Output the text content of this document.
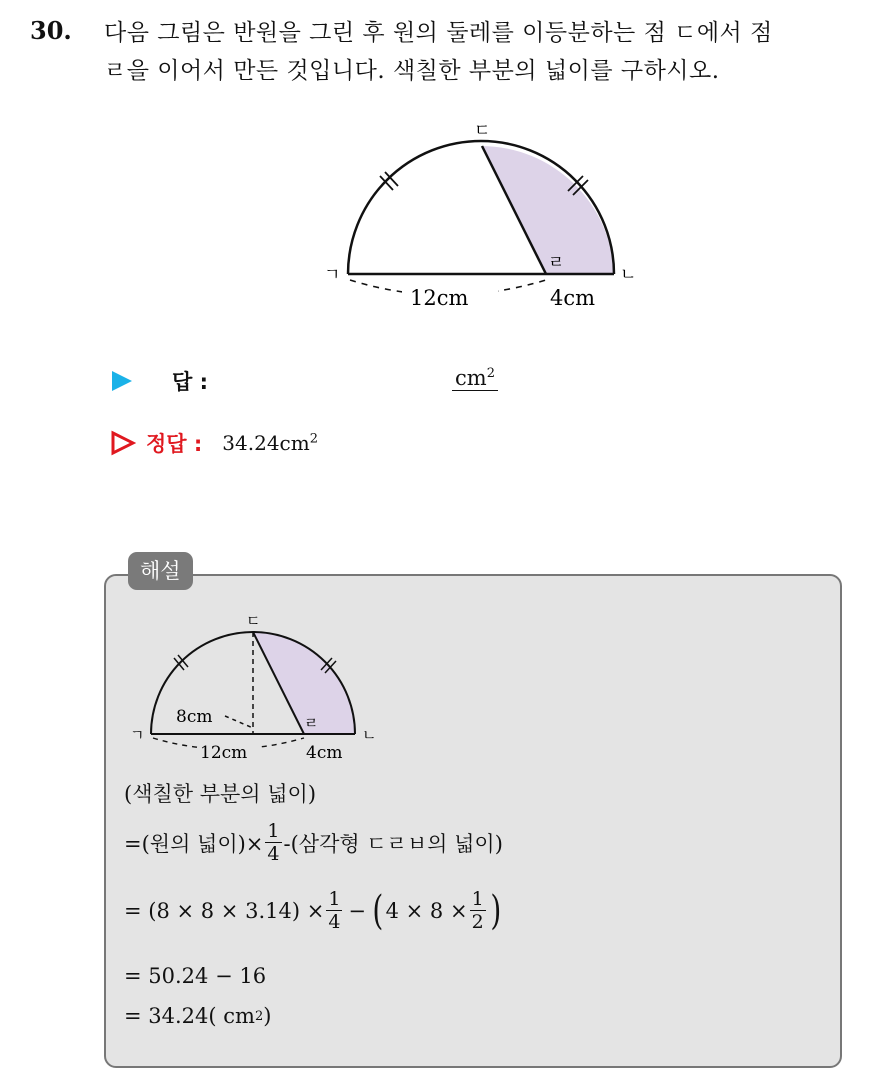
30. 다음 그림은 반원을 그린 후 원의 둘레를 이등분하는 점 ㄷ에서 점
ㄹ을 이어서 만든 것입니다. 색칠한 부분의 넓이를 구하시오.
ㄱ	ㄴ
ㄷ
ㄹ
12cm	4cm
답 :	$cm^2$
정답 : $34.24cm^2$
해설
ㄱ	ㄴ
ㄷ
ㄹ
8cm
12cm	4cm
(색칠한 부분의 넓이)
=(원의 넓이)× $\frac{1}{4}$ -(삼각형 ㄷㄹㅂ의 넓이)
= $(8 \times 8 \times 3.14) \times \frac{1}{4}$ − ( $4 \times 8 \times \frac{1}{2}$ )
= 50.24 − 16
= 34.24( cm 2 )
